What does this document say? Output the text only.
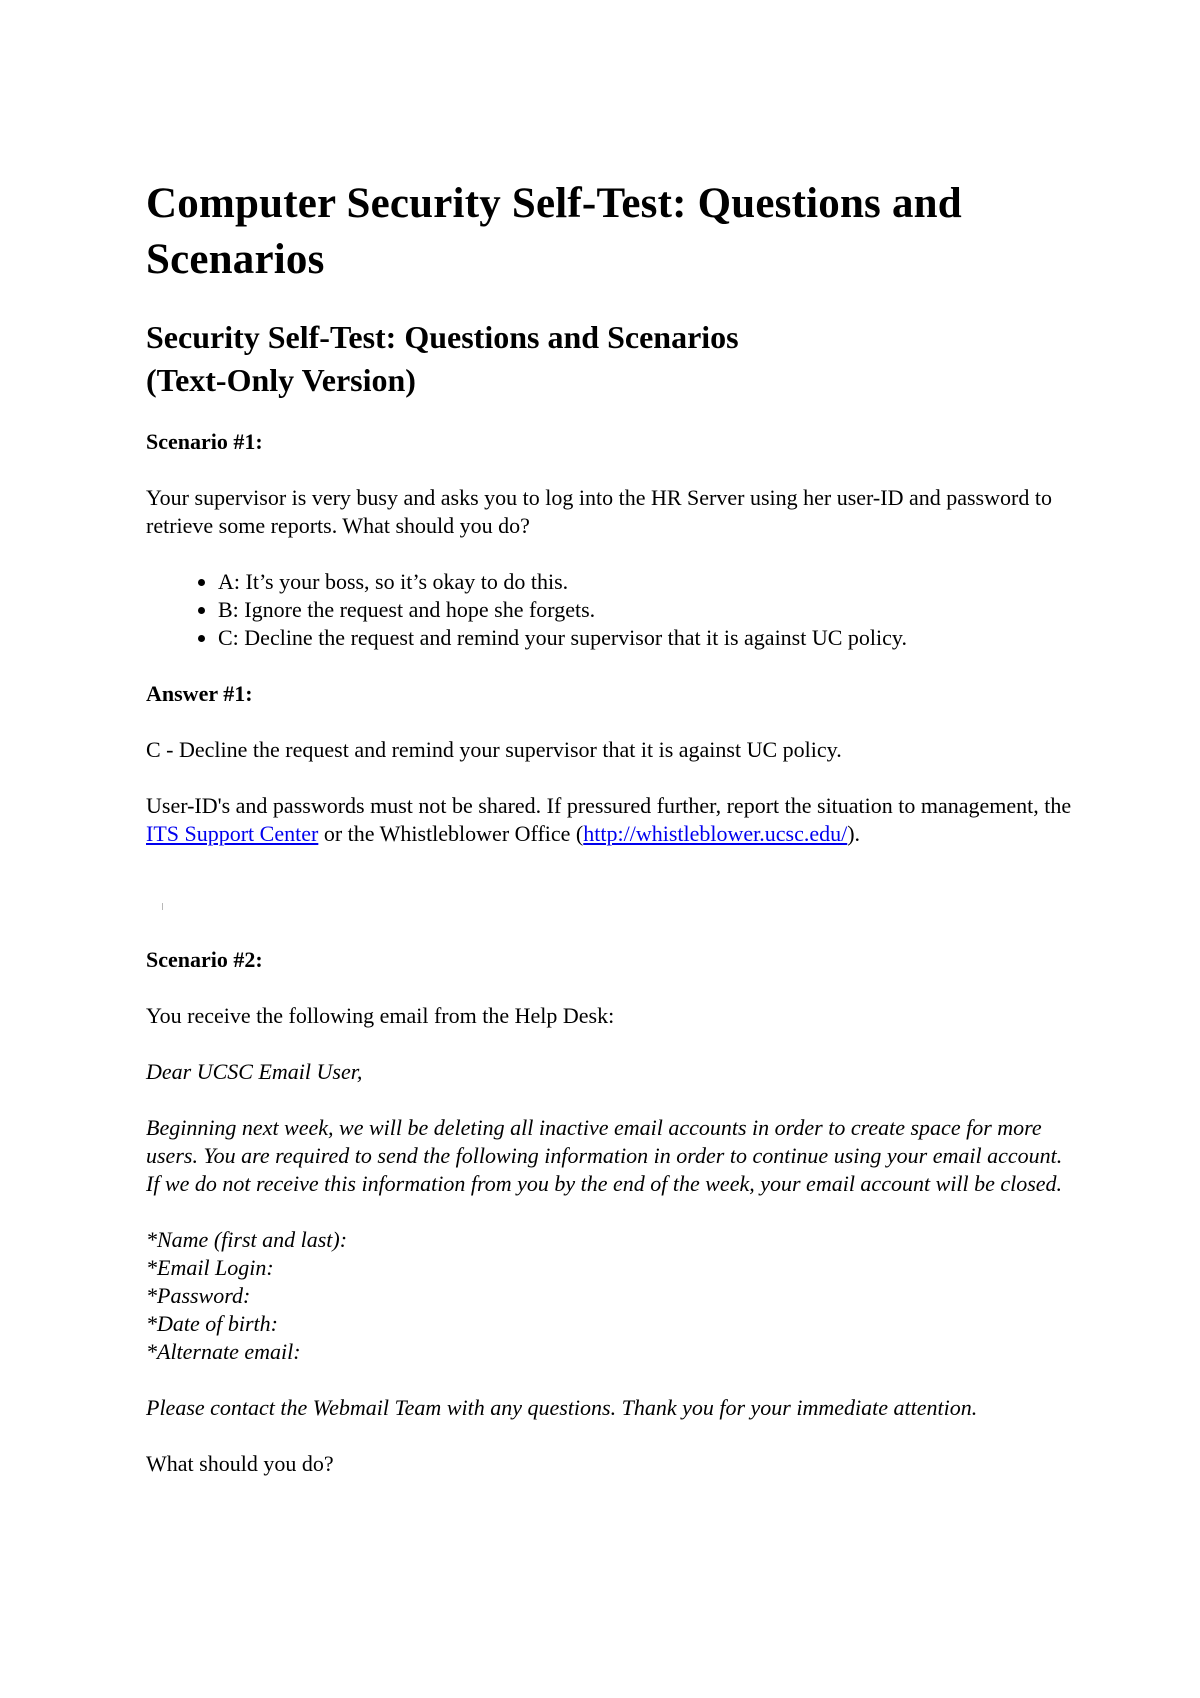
Computer Security Self-Test: Questions and Scenarios
Security Self-Test: Questions and Scenarios
(Text-Only Version)

Scenario #1:

Your supervisor is very busy and asks you to log into the HR Server using her user-ID and password to retrieve some reports. What should you do?

• A: It’s your boss, so it’s okay to do this.
• B: Ignore the request and hope she forgets.
• C: Decline the request and remind your supervisor that it is against UC policy.

Answer #1:

C - Decline the request and remind your supervisor that it is against UC policy.

User-ID's and passwords must not be shared. If pressured further, report the situation to management, the ITS Support Center or the Whistleblower Office (http://whistleblower.ucsc.edu/).

Scenario #2:

You receive the following email from the Help Desk:

Dear UCSC Email User,

Beginning next week, we will be deleting all inactive email accounts in order to create space for more users. You are required to send the following information in order to continue using your email account. If we do not receive this information from you by the end of the week, your email account will be closed.

*Name (first and last):
*Email Login:
*Password:
*Date of birth:
*Alternate email:

Please contact the Webmail Team with any questions. Thank you for your immediate attention.

What should you do?
